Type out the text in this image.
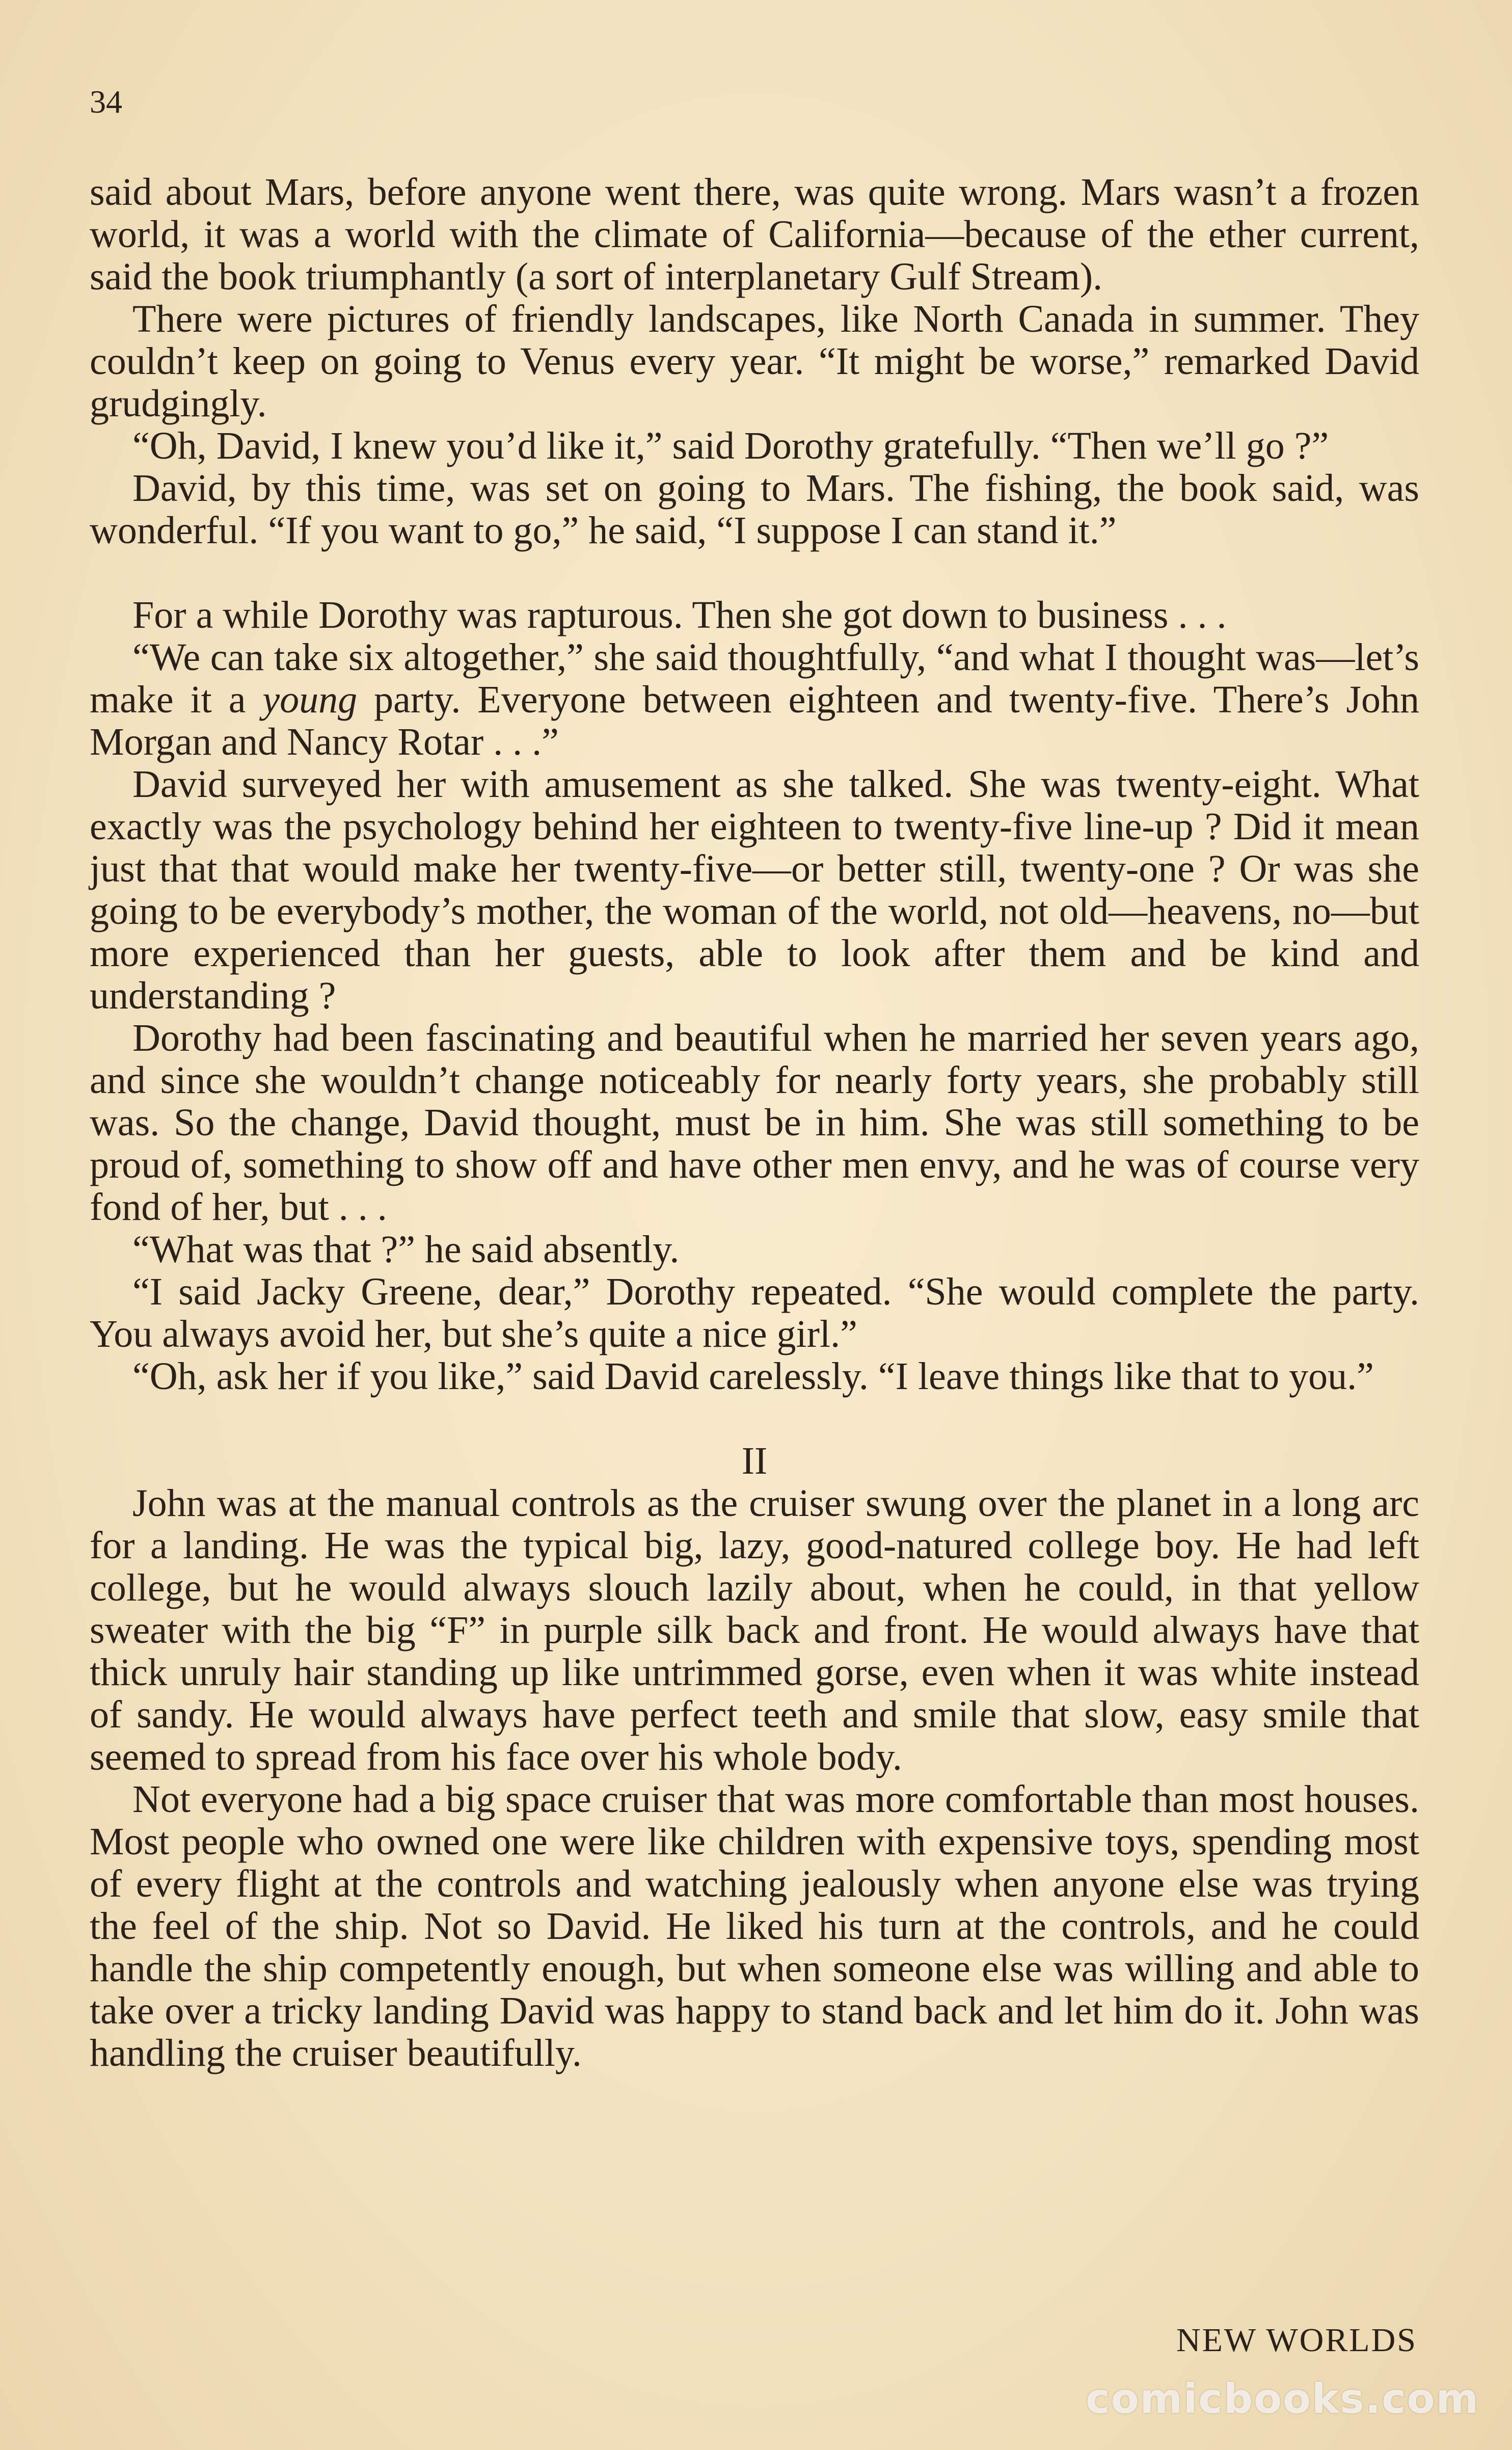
34

said about Mars, before anyone went there, was quite wrong. Mars wasn’t a frozen world, it was a world with the climate of California—because of the ether current, said the book triumphantly (a sort of interplanetary Gulf Stream).

There were pictures of friendly landscapes, like North Canada in summer. They couldn’t keep on going to Venus every year. “It might be worse,” remarked David grudgingly.

“Oh, David, I knew you’d like it,” said Dorothy gratefully. “Then we’ll go ?”

David, by this time, was set on going to Mars. The fishing, the book said, was wonderful. “If you want to go,” he said, “I suppose I can stand it.”

For a while Dorothy was rapturous. Then she got down to business . . .

“We can take six altogether,” she said thoughtfully, “and what I thought was—let’s make it a young party. Everyone between eighteen and twenty-five. There’s John Morgan and Nancy Rotar . . .”

David surveyed her with amusement as she talked. She was twenty-eight. What exactly was the psychology behind her eighteen to twenty-five line-up ? Did it mean just that that would make her twenty-five—or better still, twenty-one ? Or was she going to be everybody’s mother, the woman of the world, not old—heavens, no—but more experienced than her guests, able to look after them and be kind and understanding ?

Dorothy had been fascinating and beautiful when he married her seven years ago, and since she wouldn’t change noticeably for nearly forty years, she probably still was. So the change, David thought, must be in him. She was still something to be proud of, something to show off and have other men envy, and he was of course very fond of her, but . . .

“What was that ?” he said absently.

“I said Jacky Greene, dear,” Dorothy repeated. “She would complete the party. You always avoid her, but she’s quite a nice girl.”

“Oh, ask her if you like,” said David carelessly. “I leave things like that to you.”

II

John was at the manual controls as the cruiser swung over the planet in a long arc for a landing. He was the typical big, lazy, good-natured college boy. He had left college, but he would always slouch lazily about, when he could, in that yellow sweater with the big “F” in purple silk back and front. He would always have that thick unruly hair standing up like untrimmed gorse, even when it was white instead of sandy. He would always have perfect teeth and smile that slow, easy smile that seemed to spread from his face over his whole body.

Not everyone had a big space cruiser that was more comfortable than most houses. Most people who owned one were like children with expensive toys, spending most of every flight at the controls and watching jealously when anyone else was trying the feel of the ship. Not so David. He liked his turn at the controls, and he could handle the ship competently enough, but when someone else was willing and able to take over a tricky landing David was happy to stand back and let him do it. John was handling the cruiser beautifully.

NEW WORLDS
comicbooks.com
